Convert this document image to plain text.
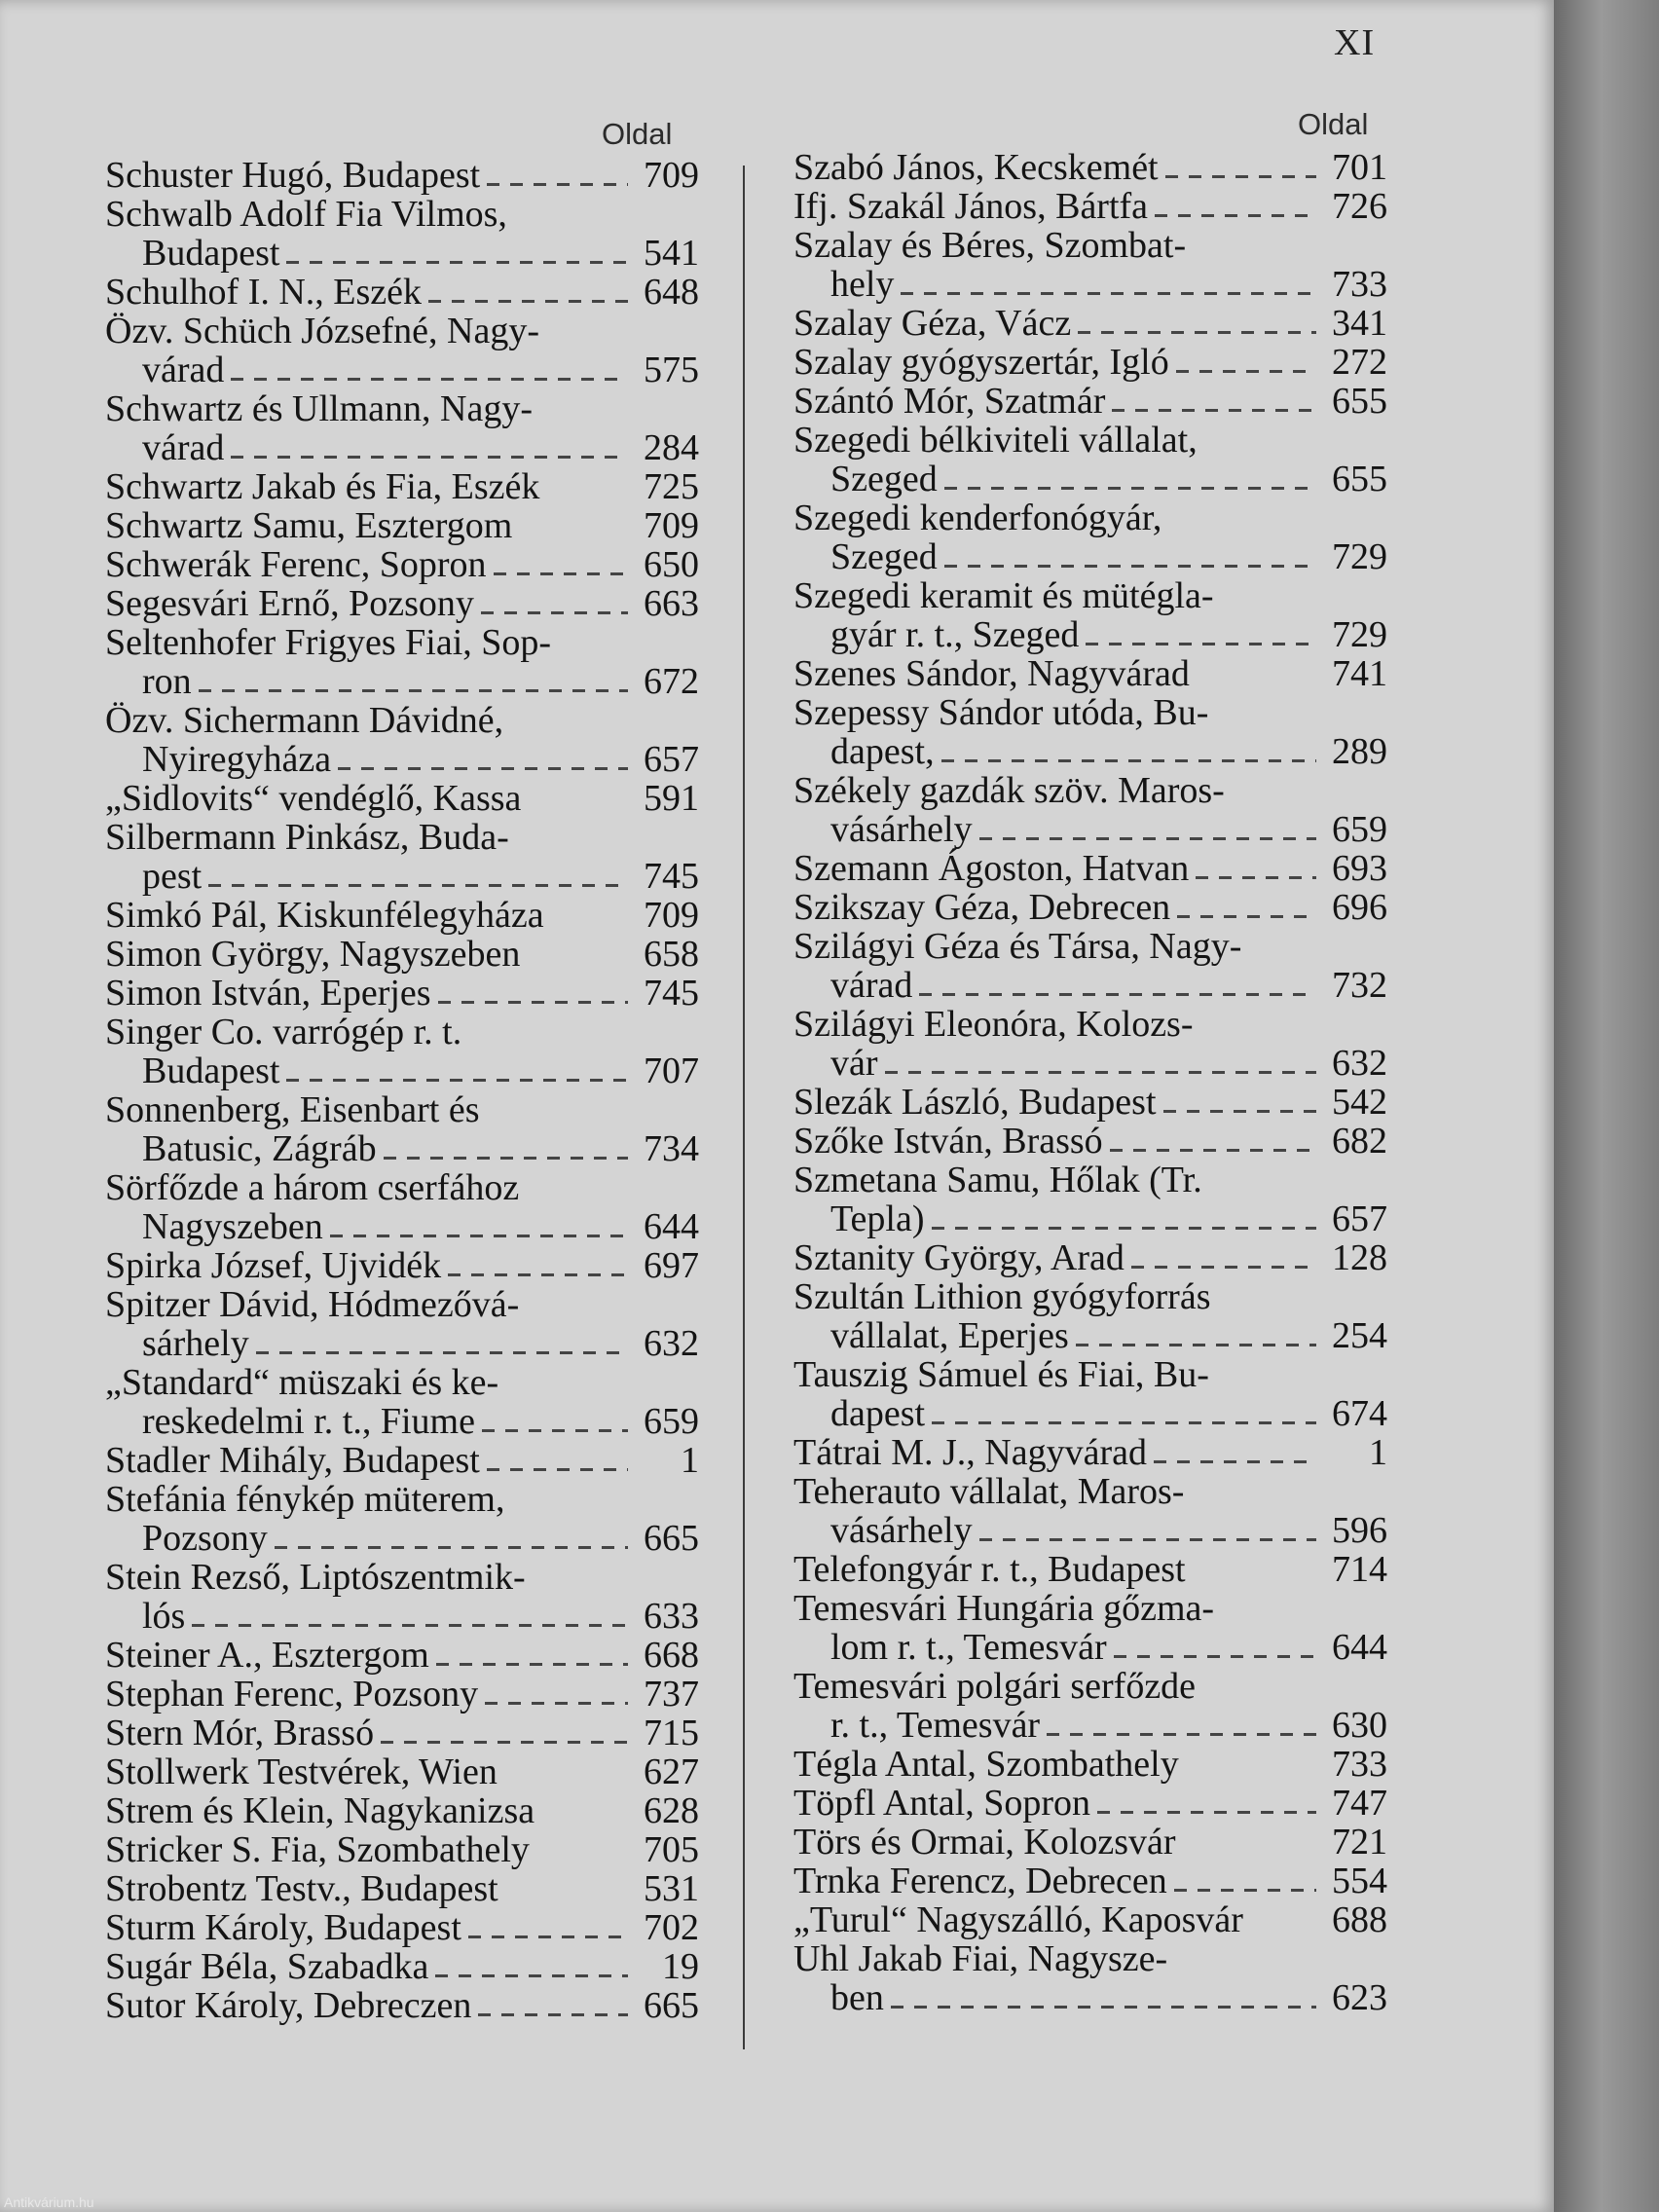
XI
Oldal	Oldal
Schuster Hugó, Budapest	709
Schwalb Adolf Fia Vilmos,
Budapest	541
Schulhof I. N., Eszék	648
Özv. Schüch Józsefné, Nagy-
várad	575
Schwartz és Ullmann, Nagy-
várad	284
Schwartz Jakab és Fia, Eszék	725
Schwartz Samu, Esztergom	709
Schwerák Ferenc, Sopron	650
Segesvári Ernő, Pozsony	663
Seltenhofer Frigyes Fiai, Sop-
ron	672
Özv. Sichermann Dávidné,
Nyiregyháza	657
„Sidlovits“ vendéglő, Kassa	591
Silbermann Pinkász, Buda-
pest	745
Simkó Pál, Kiskunfélegyháza	709
Simon György, Nagyszeben	658
Simon István, Eperjes	745
Singer Co. varrógép r. t.
Budapest	707
Sonnenberg, Eisenbart és
Batusic, Zágráb	734
Sörfőzde a három cserfához
Nagyszeben	644
Spirka József, Ujvidék	697
Spitzer Dávid, Hódmezővá-
sárhely	632
„Standard“ müszaki és ke-
reskedelmi r. t., Fiume	659
Stadler Mihály, Budapest	1
Stefánia fénykép müterem,
Pozsony	665
Stein Rezső, Liptószentmik-
lós	633
Steiner A., Esztergom	668
Stephan Ferenc, Pozsony	737
Stern Mór, Brassó	715
Stollwerk Testvérek, Wien	627
Strem és Klein, Nagykanizsa	628
Stricker S. Fia, Szombathely	705
Strobentz Testv., Budapest	531
Sturm Károly, Budapest	702
Sugár Béla, Szabadka	19
Sutor Károly, Debreczen	665
Szabó János, Kecskemét	701
Ifj. Szakál János, Bártfa	726
Szalay és Béres, Szombat-
hely	733
Szalay Géza, Vácz	341
Szalay gyógyszertár, Igló	272
Szántó Mór, Szatmár	655
Szegedi bélkiviteli vállalat,
Szeged	655
Szegedi kenderfonógyár,
Szeged	729
Szegedi keramit és mütégla-
gyár r. t., Szeged	729
Szenes Sándor, Nagyvárad	741
Szepessy Sándor utóda, Bu-
dapest,	289
Székely gazdák szöv. Maros-
vásárhely	659
Szemann Ágoston, Hatvan	693
Szikszay Géza, Debrecen	696
Szilágyi Géza és Társa, Nagy-
várad	732
Szilágyi Eleonóra, Kolozs-
vár	632
Slezák László, Budapest	542
Szőke István, Brassó	682
Szmetana Samu, Hőlak (Tr.
Tepla)	657
Sztanity György, Arad	128
Szultán Lithion gyógyforrás
vállalat, Eperjes	254
Tauszig Sámuel és Fiai, Bu-
dapest	674
Tátrai M. J., Nagyvárad	1
Teherauto vállalat, Maros-
vásárhely	596
Telefongyár r. t., Budapest	714
Temesvári Hungária gőzma-
lom r. t., Temesvár	644
Temesvári polgári serfőzde
r. t., Temesvár	630
Tégla Antal, Szombathely	733
Töpfl Antal, Sopron	747
Törs és Ormai, Kolozsvár	721
Trnka Ferencz, Debrecen	554
„Turul“ Nagyszálló, Kaposvár 688
Uhl Jakab Fiai, Nagysze-
ben	623
Antikvárium.hu
